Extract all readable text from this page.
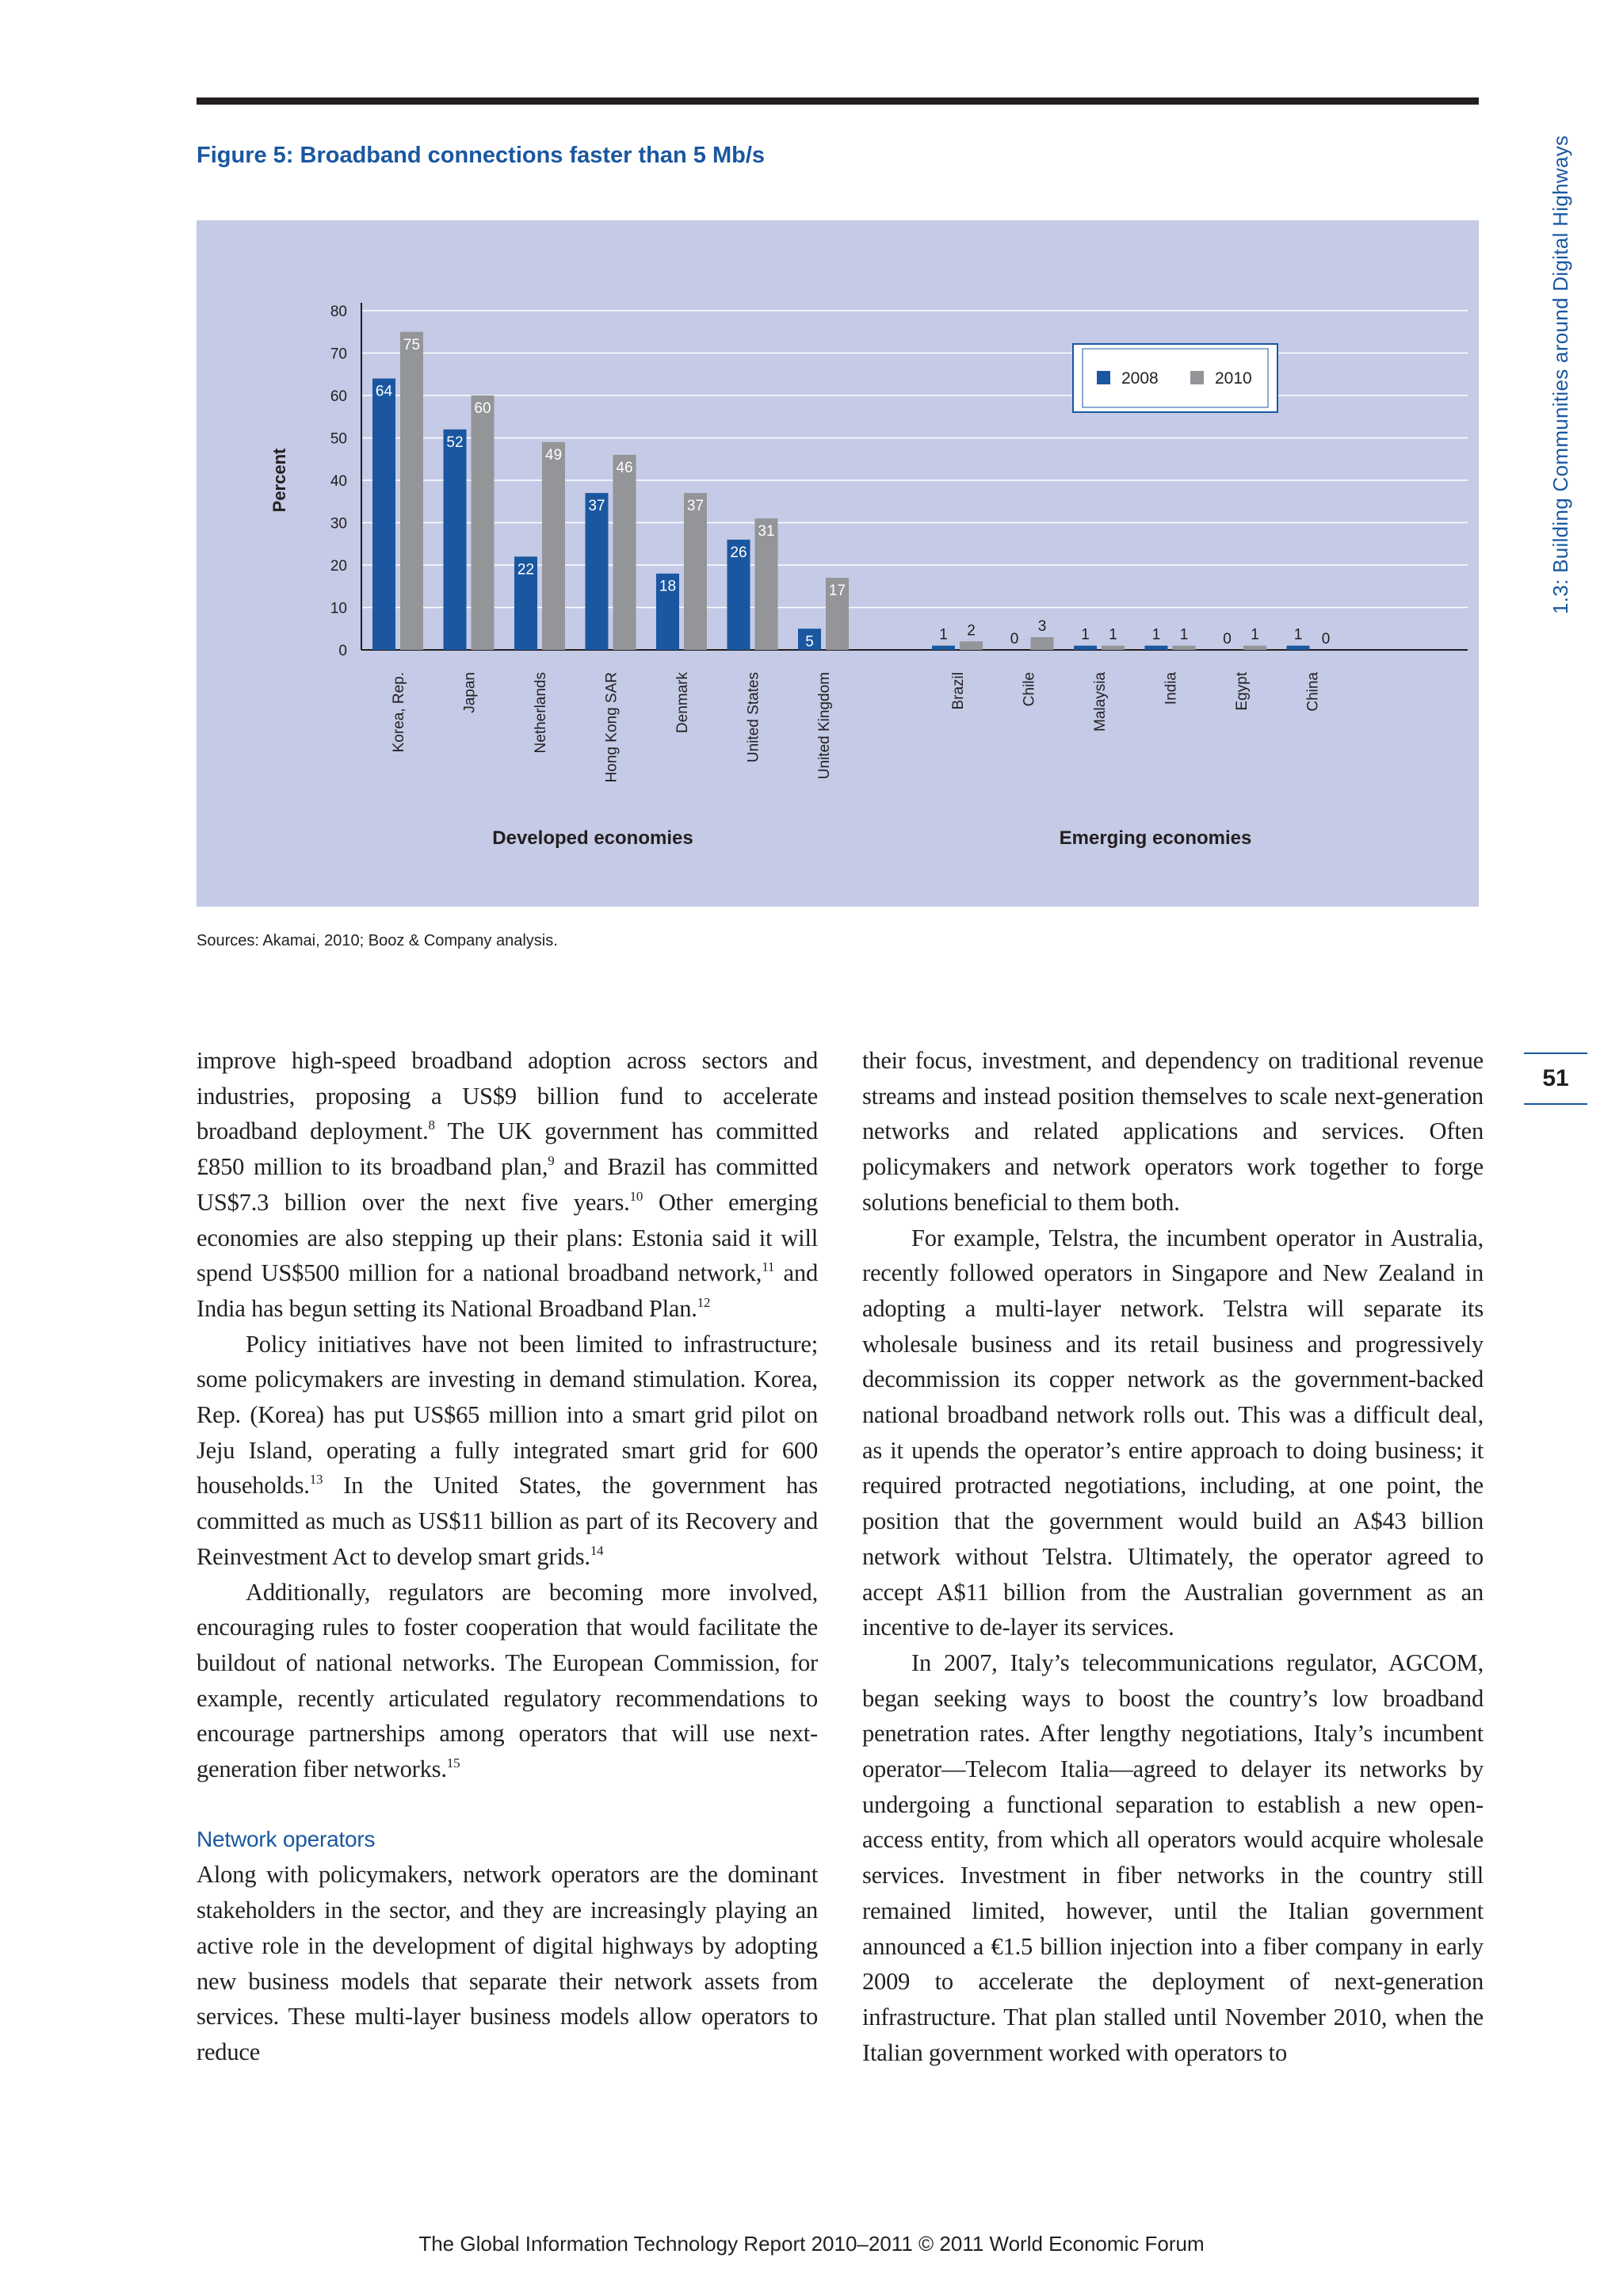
Figure 5: Broadband connections faster than 5 Mb/s
0
10
20
30
40
50
60
70
80
Percent
64
75
Korea, Rep.
52
60
Japan
22
49
Netherlands
37
46
Hong Kong SAR
18
37
Denmark
26
31
United States
5
17
United Kingdom
1 2
Brazil
0
3
Chile
1 1
Malaysia
1 1
India
0 1
Egypt
1 0
China
Developed economies	Emerging economies
2008	2010
Sources: Akamai, 2010; Booz & Company analysis.
1.3: Building Communities around Digital Highways
51

improve high-speed broadband adoption across sectors and industries, proposing a US$9 billion fund to accelerate broadband deployment.$^8$ The UK government has committed £850 million to its broadband plan,$^9$ and Brazil has committed US$7.3 billion over the next five years.$^{10}$ Other emerging economies are also stepping up their plans: Estonia said it will spend US$500 million for a national broadband network,$^{11}$ and India has begun setting its National Broadband Plan.$^{12}$

Policy initiatives have not been limited to infrastructure; some policymakers are investing in demand stimulation. Korea, Rep. (Korea) has put US$65 million into a smart grid pilot on Jeju Island, operating a fully integrated smart grid for 600 households.$^{13}$ In the United States, the government has committed as much as US$11 billion as part of its Recovery and Reinvestment Act to develop smart grids.$^{14}$

Additionally, regulators are becoming more involved, encouraging rules to foster cooperation that would facilitate the buildout of national networks. The European Commission, for example, recently articulated regulatory recommendations to encourage partnerships among operators that will use next-generation fiber networks.$^{15}$

Network operators

Along with policymakers, network operators are the dominant stakeholders in the sector, and they are increasingly playing an active role in the development of digital highways by adopting new business models that separate their network assets from services. These multi-layer business models allow operators to reduce

their focus, investment, and dependency on traditional revenue streams and instead position themselves to scale next-generation networks and related applications and services. Often policymakers and network operators work together to forge solutions beneficial to them both.

For example, Telstra, the incumbent operator in Australia, recently followed operators in Singapore and New Zealand in adopting a multi-layer network. Telstra will separate its wholesale business and its retail business and progressively decommission its copper network as the government-backed national broadband network rolls out. This was a difficult deal, as it upends the operator’s entire approach to doing business; it required protracted negotiations, including, at one point, the position that the government would build an A$43 billion network without Telstra. Ultimately, the operator agreed to accept A$11 billion from the Australian government as an incentive to de-layer its services.

In 2007, Italy’s telecommunications regulator, AGCOM, began seeking ways to boost the country’s low broadband penetration rates. After lengthy negotiations, Italy’s incumbent operator—Telecom Italia—agreed to delayer its networks by undergoing a functional separation to establish a new open-access entity, from which all operators would acquire wholesale services. Investment in fiber networks in the country still remained limited, however, until the Italian government announced a €1.5 billion injection into a fiber company in early 2009 to accelerate the deployment of next-generation infrastructure. That plan stalled until November 2010, when the Italian government worked with operators to

The Global Information Technology Report 2010–2011 © 2011 World Economic Forum
